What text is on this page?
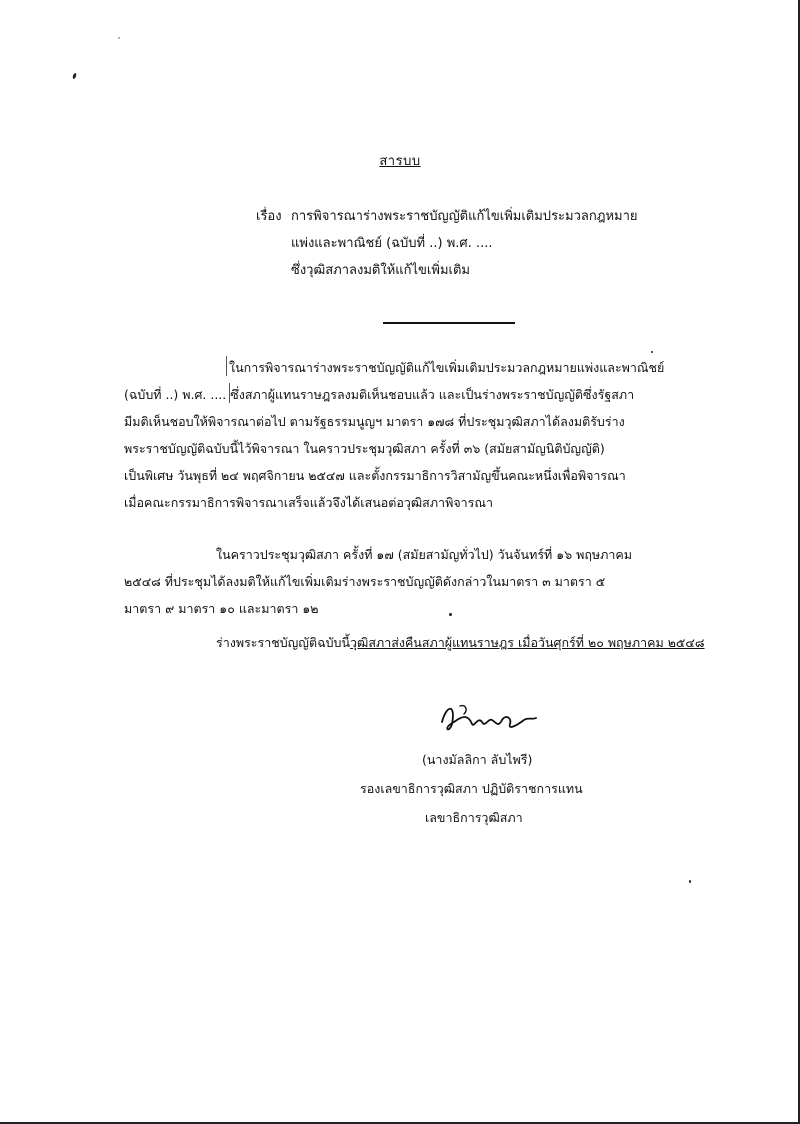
สารบบ
เรื่อง การพิจารณาร่างพระราชบัญญัติแก้ไขเพิ่มเติมประมวลกฎหมาย
แพ่งและพาณิชย์ (ฉบับที่ ..) พ.ศ. ....
ซึ่งวุฒิสภาลงมติให้แก้ไขเพิ่มเติม
ในการพิจารณาร่างพระราชบัญญัติแก้ไขเพิ่มเติมประมวลกฎหมายแพ่งและพาณิชย์
(ฉบับที่ ..) พ.ศ. .... ซึ่งสภาผู้แทนราษฎรลงมติเห็นชอบแล้ว และเป็นร่างพระราชบัญญัติซึ่งรัฐสภา
มีมติเห็นชอบให้พิจารณาต่อไป ตามรัฐธรรมนูญฯ มาตรา ๑๗๘ ที่ประชุมวุฒิสภาได้ลงมติรับร่าง
พระราชบัญญัติฉบับนี้ไว้พิจารณา ในคราวประชุมวุฒิสภา ครั้งที่ ๓๖ (สมัยสามัญนิติบัญญัติ)
เป็นพิเศษ วันพุธที่ ๒๔ พฤศจิกายน ๒๕๔๗ และตั้งกรรมาธิการวิสามัญขึ้นคณะหนึ่งเพื่อพิจารณา
เมื่อคณะกรรมาธิการพิจารณาเสร็จแล้วจึงได้เสนอต่อวุฒิสภาพิจารณา
ในคราวประชุมวุฒิสภา ครั้งที่ ๑๗ (สมัยสามัญทั่วไป) วันจันทร์ที่ ๑๖ พฤษภาคม
๒๕๔๘ ที่ประชุมได้ลงมติให้แก้ไขเพิ่มเติมร่างพระราชบัญญัติดังกล่าวในมาตรา ๓ มาตรา ๕
มาตรา ๙ มาตรา ๑๐ และมาตรา ๑๒
ร่างพระราชบัญญัติฉบับนี้วุฒิสภาส่งคืนสภาผู้แทนราษฎร เมื่อวันศุกร์ที่ ๒๐ พฤษภาคม ๒๕๔๘
(นางมัลลิกา ลับไพรี)
รองเลขาธิการวุฒิสภา ปฏิบัติราชการแทน
เลขาธิการวุฒิสภา
